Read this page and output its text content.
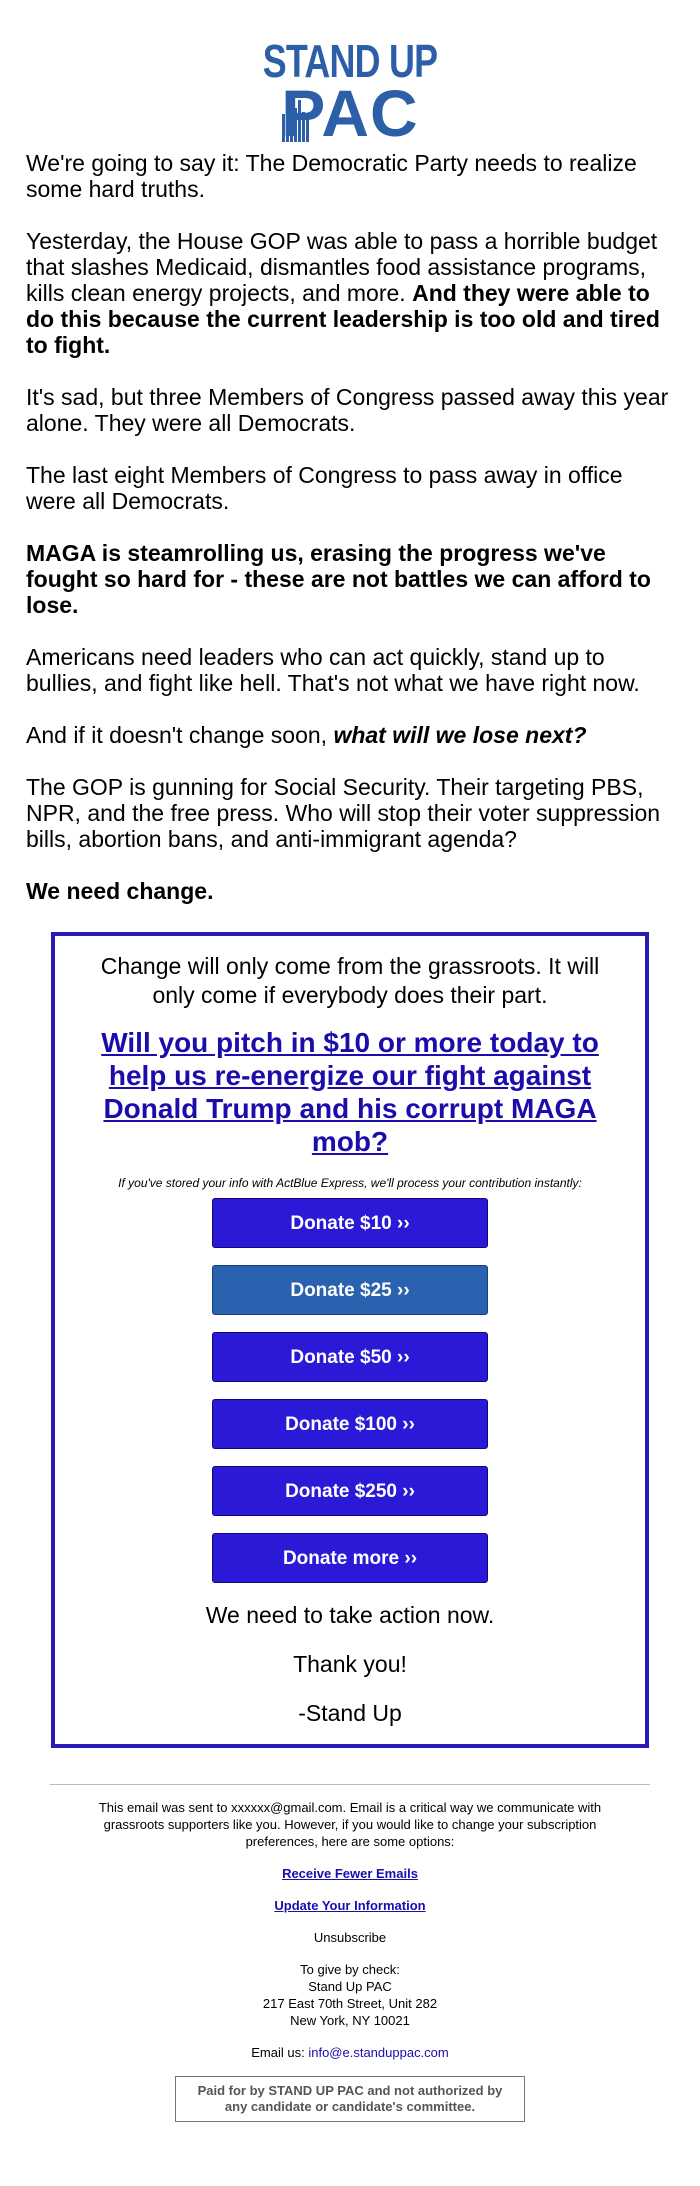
STAND UP
PAC

We're going to say it: The Democratic Party needs to realize some hard truths.

Yesterday, the House GOP was able to pass a horrible budget that slashes Medicaid, dismantles food assistance programs, kills clean energy projects, and more. And they were able to do this because the current leadership is too old and tired to fight.

It's sad, but three Members of Congress passed away this year alone. They were all Democrats.

The last eight Members of Congress to pass away in office were all Democrats.

MAGA is steamrolling us, erasing the progress we've fought so hard for - these are not battles we can afford to lose.

Americans need leaders who can act quickly, stand up to bullies, and fight like hell. That's not what we have right now.

And if it doesn't change soon, what will we lose next?

The GOP is gunning for Social Security. Their targeting PBS, NPR, and the free press. Who will stop their voter suppression bills, abortion bans, and anti-immigrant agenda?

We need change.

Change will only come from the grassroots. It will only come if everybody does their part.

Will you pitch in $10 or more today to help us re-energize our fight against Donald Trump and his corrupt MAGA mob?

If you've stored your info with ActBlue Express, we'll process your contribution instantly:

Donate $10 ››
Donate $25 ››
Donate $50 ››
Donate $100 ››
Donate $250 ››
Donate more ››

We need to take action now.

Thank you!

-Stand Up

This email was sent to xxxxxx@gmail.com. Email is a critical way we communicate with grassroots supporters like you. However, if you would like to change your subscription preferences, here are some options:

Receive Fewer Emails

Update Your Information

Unsubscribe

To give by check:
Stand Up PAC
217 East 70th Street, Unit 282
New York, NY 10021

Email us: info@e.standuppac.com

Paid for by STAND UP PAC and not authorized by any candidate or candidate's committee.
